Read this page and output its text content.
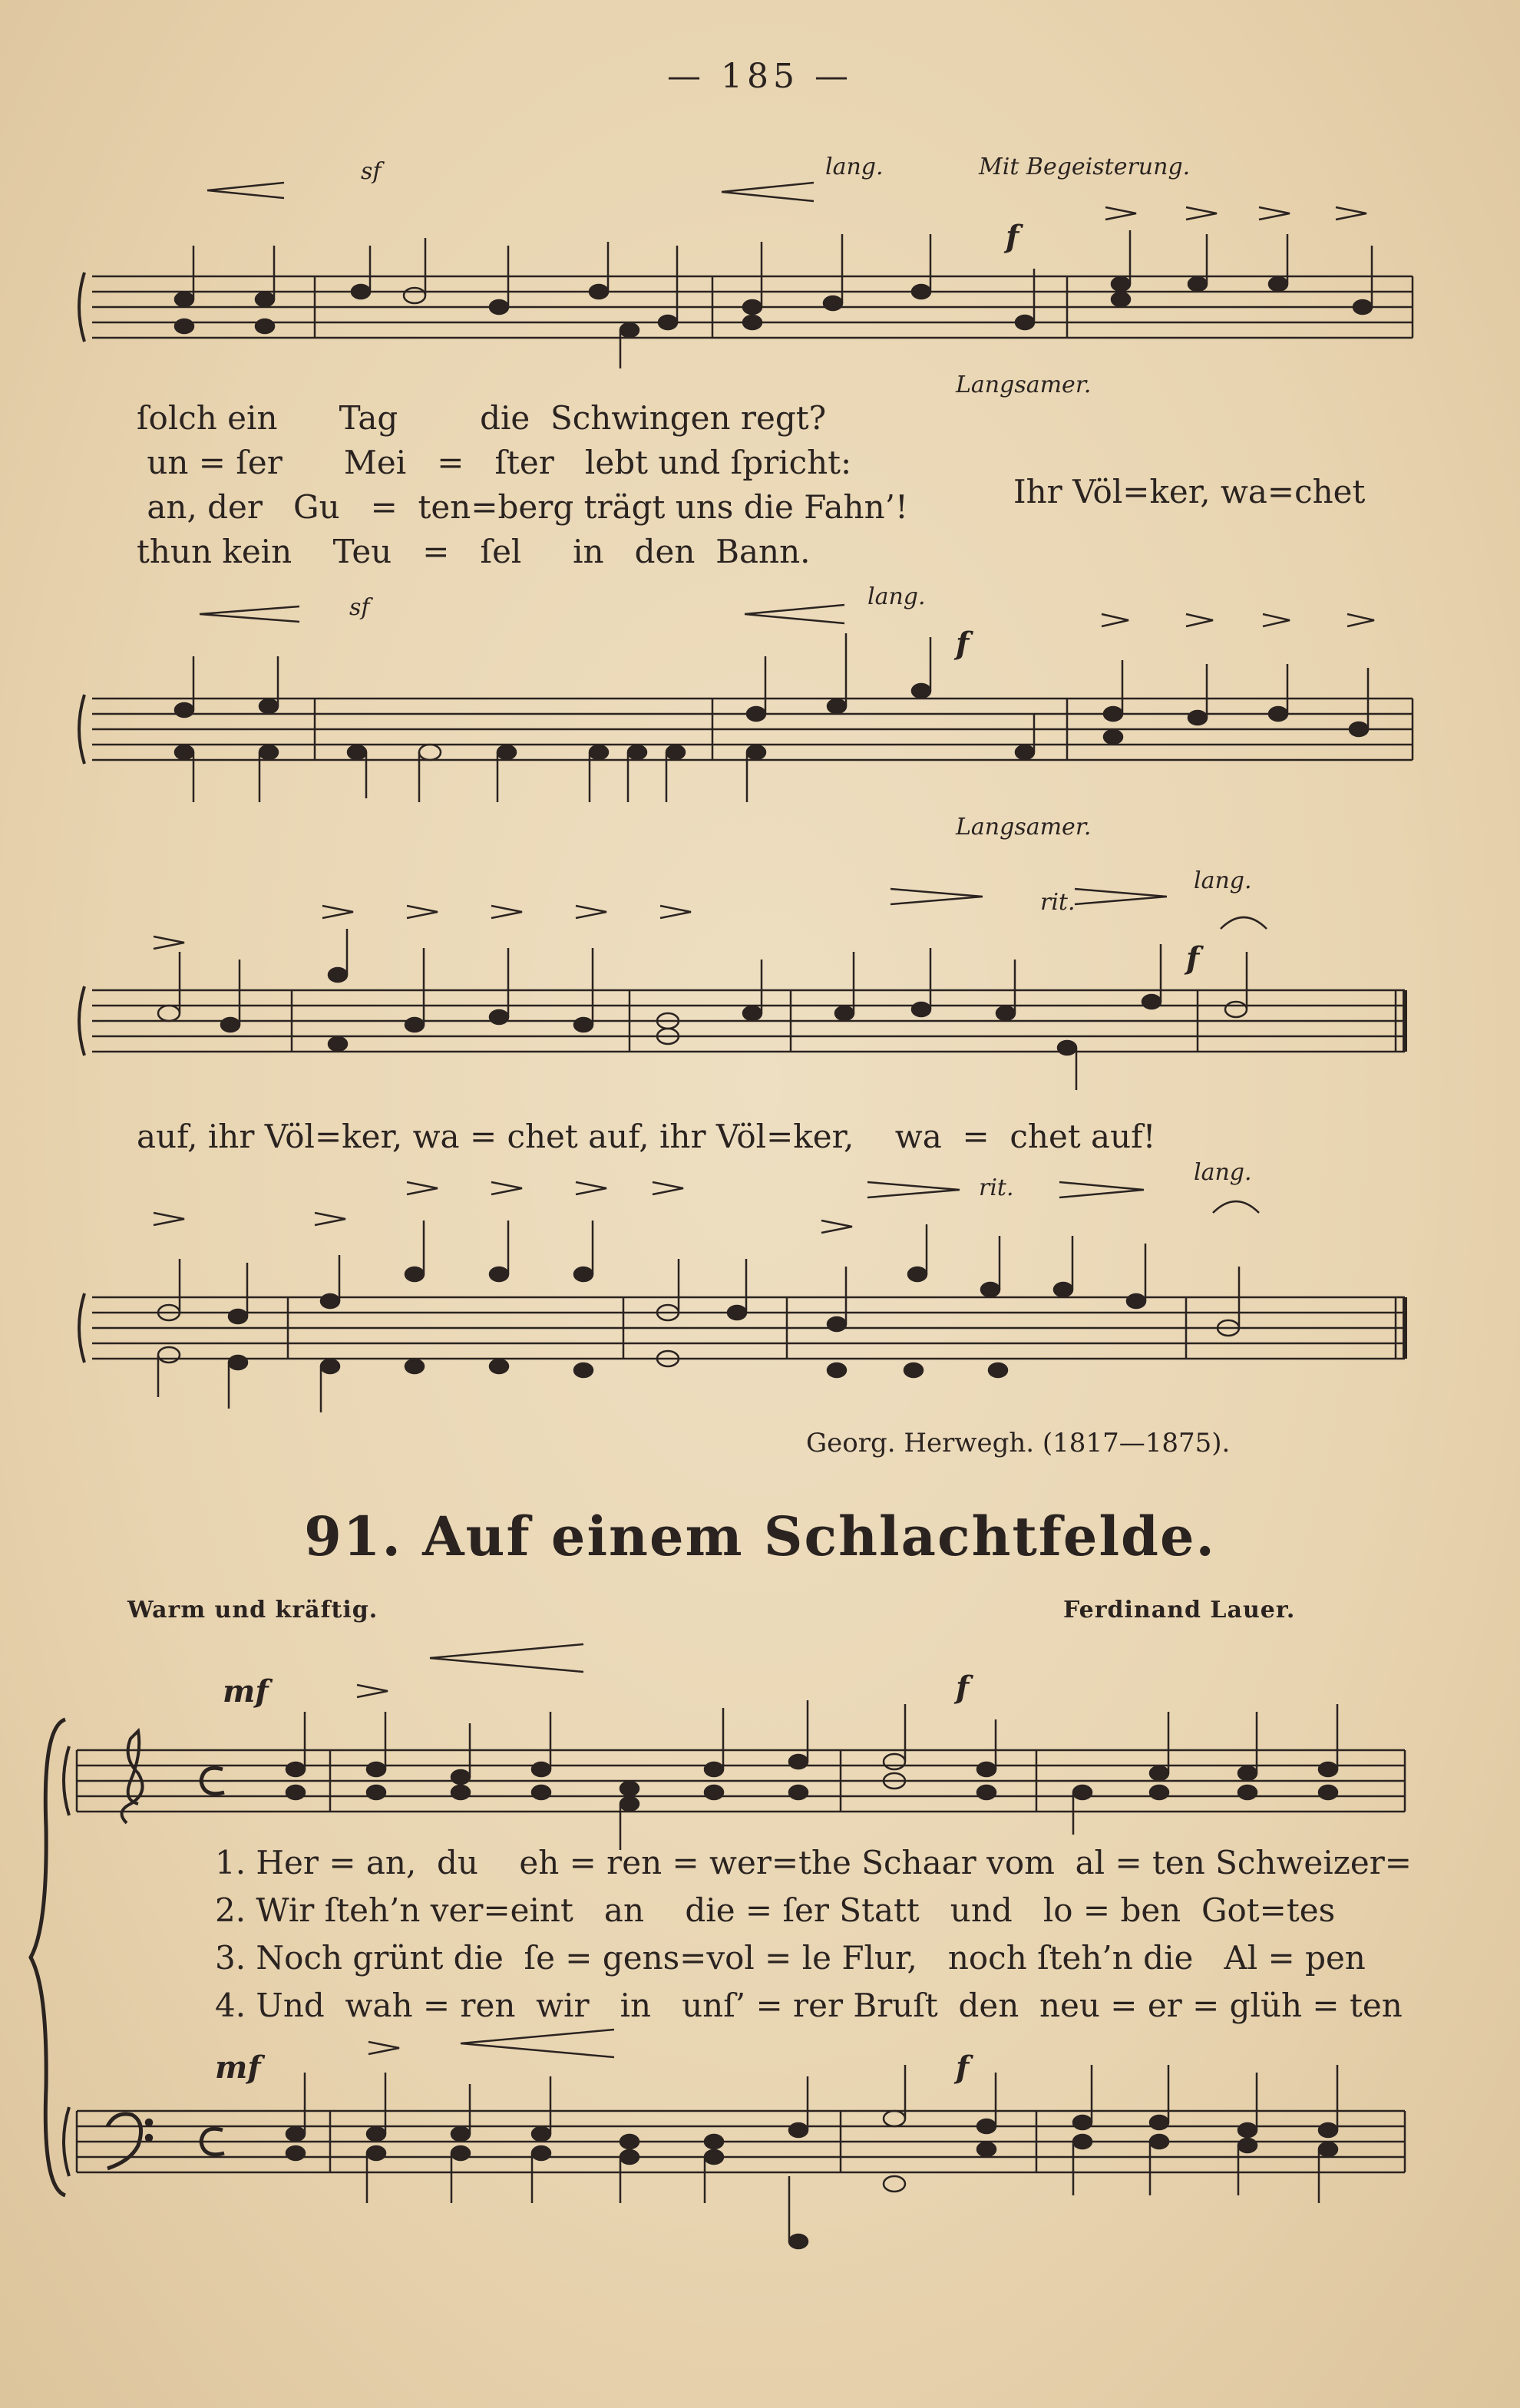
— 185 —
sf	lang.	Mit Begeisterung.
f
Langsamer.
ſolch ein      Tag        die  Schwingen regt?
un = ſer      Mei   =   ſter   lebt und ſpricht:
an, der   Gu   =  ten=berg trägt uns die Fahn’!
thun kein    Teu   =   ſel     in   den  Bann.
Ihr Völ=ker, wa=chet
sf	lang.
f
Langsamer.
rit.
lang.
f
auf, ihr Völ=ker, wa = chet auf, ihr Völ=ker,    wa  =  chet auf!
rit.
lang.
Georg. Herwegh. (1817—1875).
91. Auf einem Schlachtfelde.
Warm und kräftig.	Ferdinand Lauer.
mf	f
1. Her = an,  du    eh = ren = wer=the Schaar vom  al = ten Schweizer=
2. Wir ſteh’n ver=eint   an    die = ſer Statt   und   lo = ben  Got=tes
3. Noch grünt die  ſe = gens=vol = le Flur,   noch ſteh’n die   Al = pen
4. Und  wah = ren  wir   in   unſ’ = rer Bruſt  den  neu = er = glüh = ten
mf	f
